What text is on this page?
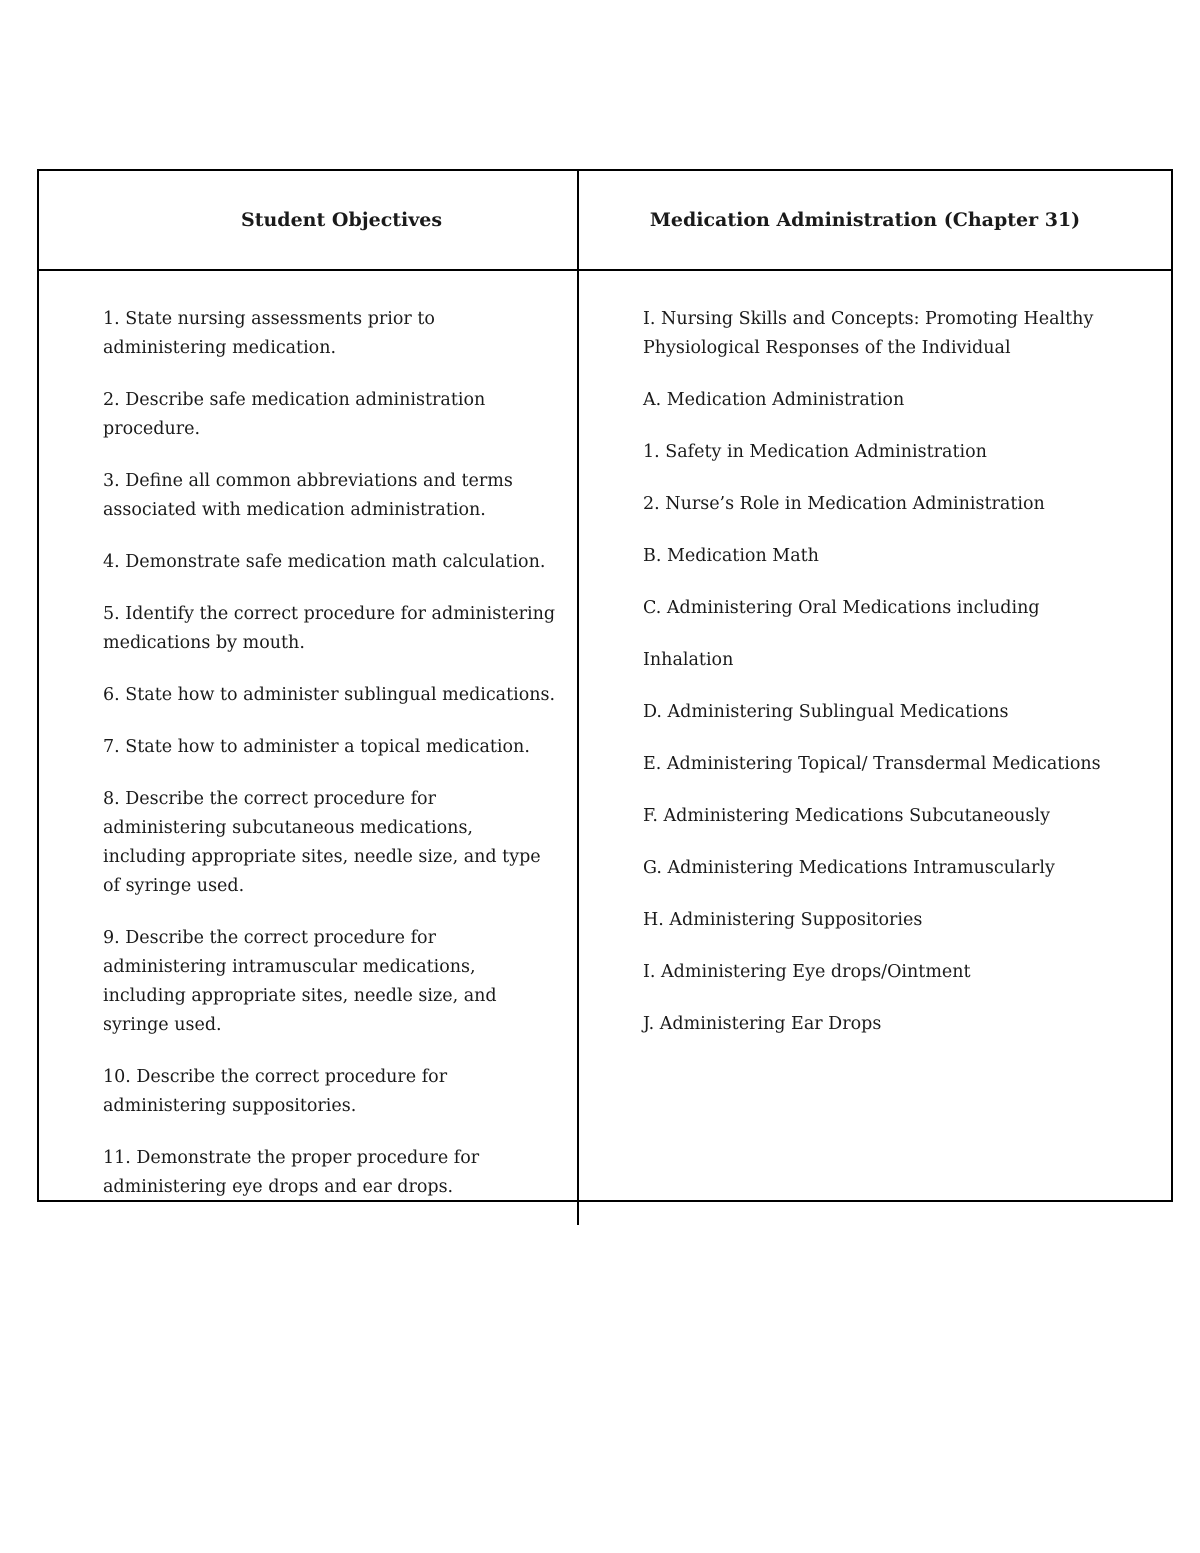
Student Objectives	Medication Administration (Chapter 31)

1. State nursing assessments prior to administering medication.

2. Describe safe medication administration procedure.

3. Define all common abbreviations and terms associated with medication administration.

4. Demonstrate safe medication math calculation.

5. Identify the correct procedure for administering medications by mouth.

6. State how to administer sublingual medications.

7. State how to administer a topical medication.

8. Describe the correct procedure for administering subcutaneous medications, including appropriate sites, needle size, and type of syringe used.

9. Describe the correct procedure for administering intramuscular medications, including appropriate sites, needle size, and syringe used.

10. Describe the correct procedure for administering suppositories.

11. Demonstrate the proper procedure for administering eye drops and ear drops.

I. Nursing Skills and Concepts: Promoting Healthy Physiological Responses of the Individual

A. Medication Administration

1. Safety in Medication Administration

2. Nurse’s Role in Medication Administration

B. Medication Math

C. Administering Oral Medications including

Inhalation

D. Administering Sublingual Medications

E. Administering Topical/ Transdermal Medications

F. Administering Medications Subcutaneously

G. Administering Medications Intramuscularly

H. Administering Suppositories

I. Administering Eye drops/Ointment

J. Administering Ear Drops
